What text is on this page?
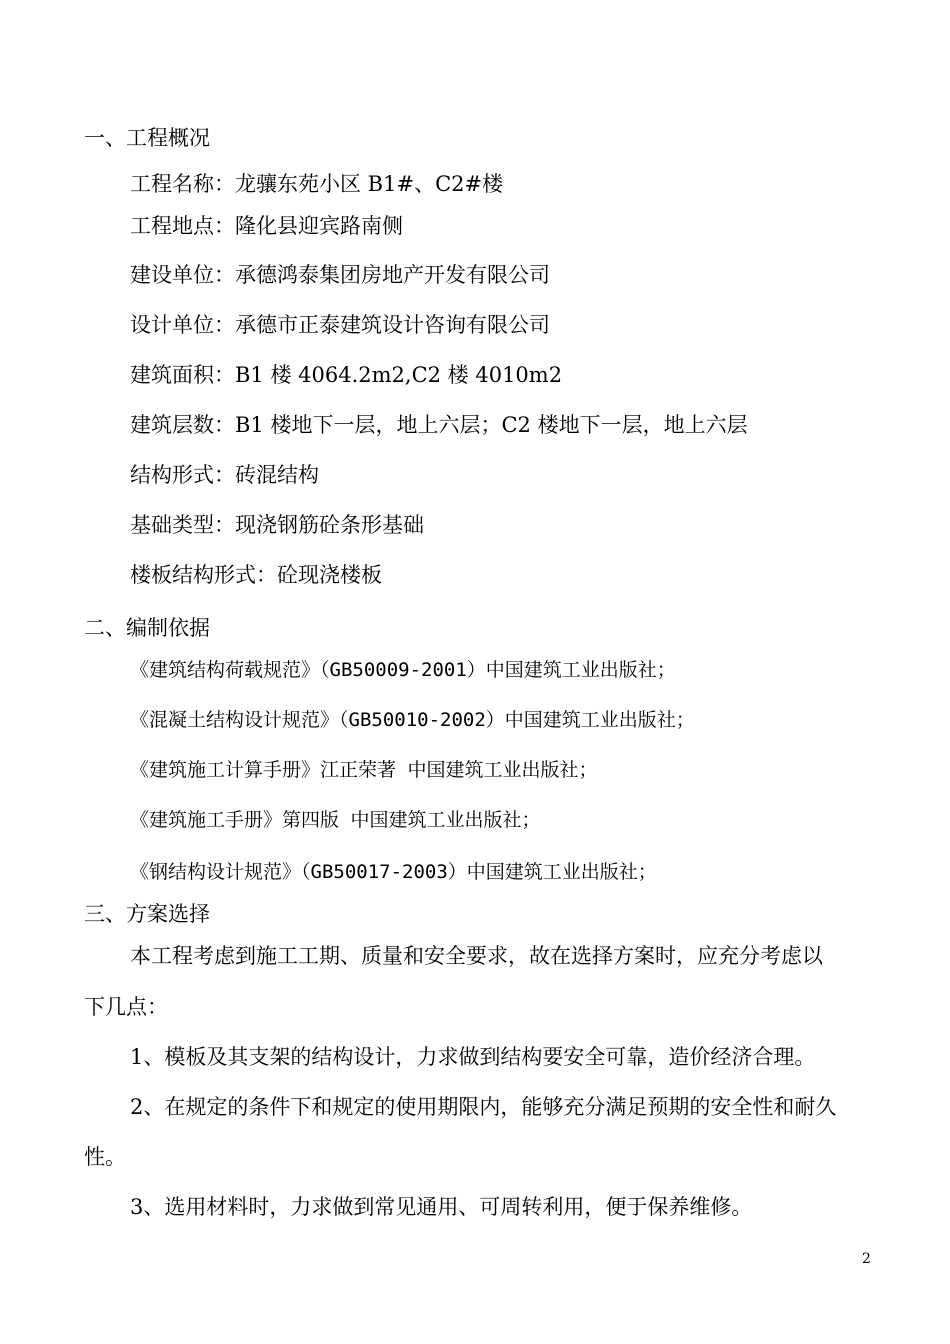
一、工程概况
工程名称：龙骧东苑小区 B1#、C2#楼
工程地点：隆化县迎宾路南侧
建设单位：承德鸿泰集团房地产开发有限公司
设计单位：承德市正泰建筑设计咨询有限公司
建筑面积：B1 楼 4064.2m2,C2 楼 4010m2
建筑层数：B1 楼地下一层，地上六层；C2 楼地下一层，地上六层
结构形式：砖混结构
基础类型：现浇钢筋砼条形基础
楼板结构形式：砼现浇楼板
二、编制依据
《建筑结构荷载规范》（GB50009-2001）中国建筑工业出版社；
《混凝土结构设计规范》（GB50010-2002）中国建筑工业出版社；
《建筑施工计算手册》江正荣著 中国建筑工业出版社；
《建筑施工手册》第四版 中国建筑工业出版社；
《钢结构设计规范》（GB50017-2003）中国建筑工业出版社；
三、方案选择
本工程考虑到施工工期、质量和安全要求，故在选择方案时，应充分考虑以
下几点：
1、模板及其支架的结构设计，力求做到结构要安全可靠，造价经济合理。
2、在规定的条件下和规定的使用期限内，能够充分满足预期的安全性和耐久
性。
3、选用材料时，力求做到常见通用、可周转利用，便于保养维修。
2
